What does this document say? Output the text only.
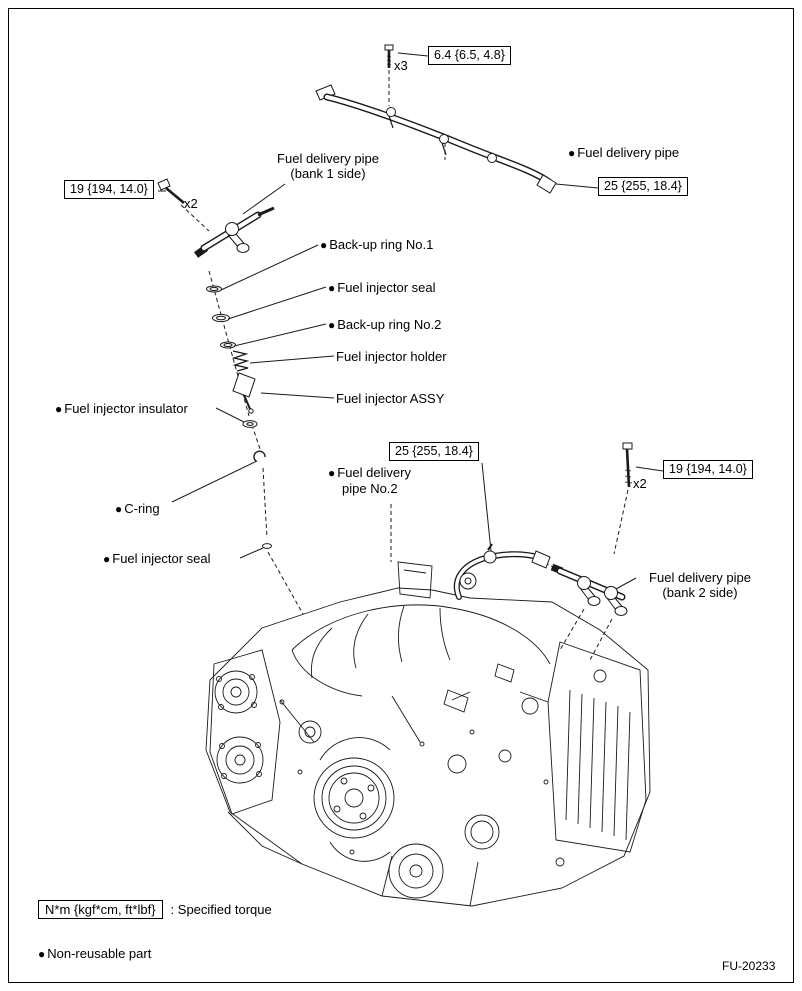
6.4 {6.5, 4.8}
25 {255, 18.4}
19 {194, 14.0}
25 {255, 18.4}
19 {194, 14.0}
x3
x2
x2
● Fuel delivery pipe
Fuel delivery pipe
(bank 1 side)
● Back-up ring No.1
● Fuel injector seal
● Back-up ring No.2
Fuel injector holder
Fuel injector ASSY
● Fuel injector insulator
● C-ring
● Fuel injector seal
● Fuel delivery
pipe No.2
Fuel delivery pipe
(bank 2 side)
N*m {kgf*cm, ft*lbf}	: Specified torque
● Non-reusable part
FU-20233
